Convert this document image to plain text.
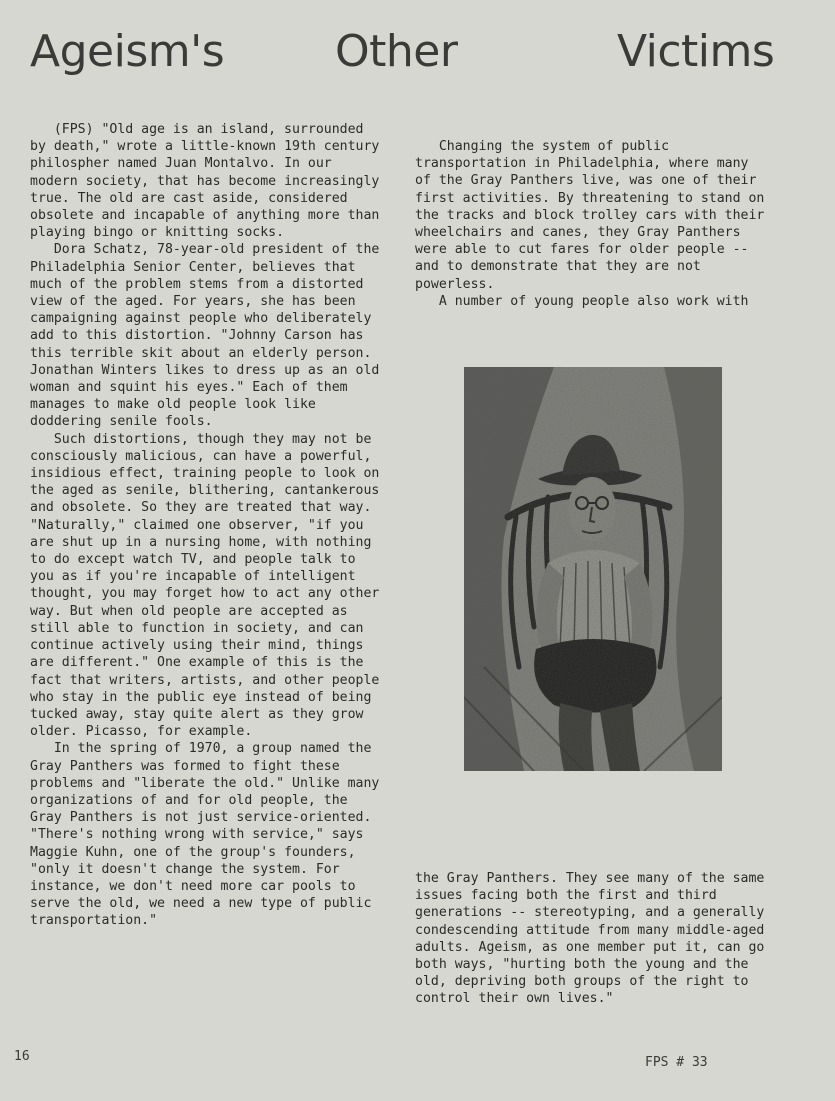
Ageism's	Other	Victims

(FPS) "Old age is an island, surrounded by death," wrote a little-known 19th century philospher named Juan Montalvo. In our modern society, that has become increasingly true. The old are cast aside, considered obsolete and incapable of anything more than playing bingo or knitting socks.

Dora Schatz, 78-year-old president of the Philadelphia Senior Center, believes that much of the problem stems from a distorted view of the aged. For years, she has been campaigning against people who deliberately add to this distortion. "Johnny Carson has this terrible skit about an elderly person. Jonathan Winters likes to dress up as an old woman and squint his eyes." Each of them manages to make old people look like doddering senile fools.

Such distortions, though they may not be consciously malicious, can have a powerful, insidious effect, training people to look on the aged as senile, blithering, cantankerous and obsolete. So they are treated that way. "Naturally," claimed one observer, "if you are shut up in a nursing home, with nothing to do except watch TV, and people talk to you as if you're incapable of intelligent thought, you may forget how to act any other way. But when old people are accepted as still able to function in society, and can continue actively using their mind, things are different." One example of this is the fact that writers, artists, and other people who stay in the public eye instead of being tucked away, stay quite alert as they grow older. Picasso, for example.

In the spring of 1970, a group named the Gray Panthers was formed to fight these problems and "liberate the old." Unlike many organizations of and for old people, the Gray Panthers is not just service-oriented. "There's nothing wrong with service," says Maggie Kuhn, one of the group's founders, "only it doesn't change the system. For instance, we don't need more car pools to serve the old, we need a new type of public transportation."

Changing the system of public transportation in Philadelphia, where many of the Gray Panthers live, was one of their first activities. By threatening to stand on the tracks and block trolley cars with their wheelchairs and canes, they Gray Panthers were able to cut fares for older people -- and to demonstrate that they are not powerless.

A number of young people also work with

the Gray Panthers. They see many of the same issues facing both the first and third generations -- stereotyping, and a generally condescending attitude from many middle-aged adults. Ageism, as one member put it, can go both ways, "hurting both the young and the old, depriving both groups of the right to control their own lives."

16	FPS # 33
